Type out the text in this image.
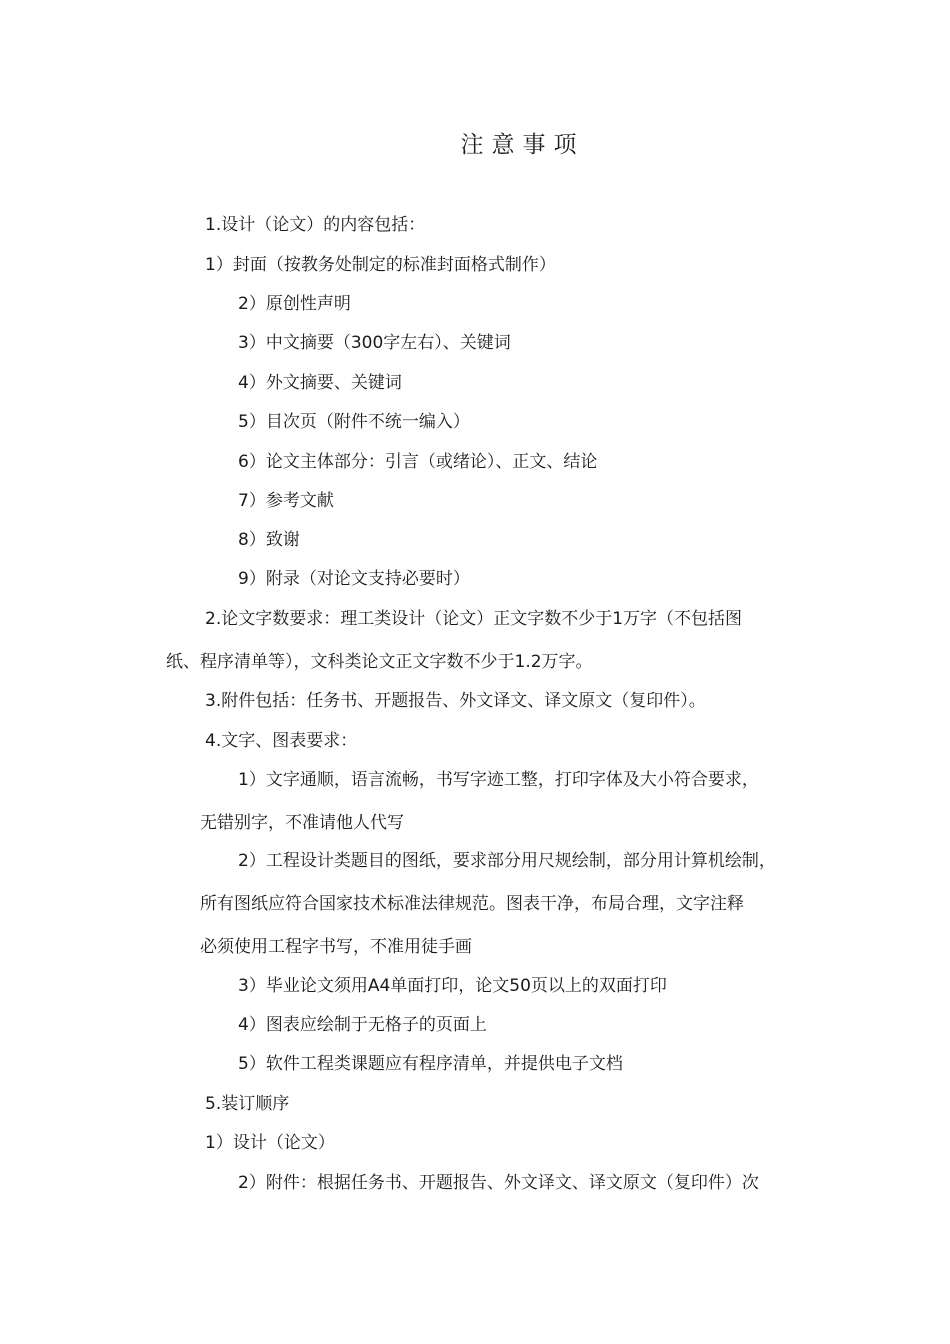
注意事项
1.设计（论文）的内容包括：
1）封面（按教务处制定的标准封面格式制作）
2）原创性声明
3）中文摘要（300字左右）、关键词
4）外文摘要、关键词
5）目次页（附件不统一编入）
6）论文主体部分：引言（或绪论）、正文、结论
7）参考文献
8）致谢
9）附录（对论文支持必要时）
2.论文字数要求：理工类设计（论文）正文字数不少于1万字（不包括图
纸、程序清单等），文科类论文正文字数不少于1.2万字。
3.附件包括：任务书、开题报告、外文译文、译文原文（复印件）。
4.文字、图表要求：
1）文字通顺，语言流畅，书写字迹工整，打印字体及大小符合要求，
无错别字，不准请他人代写
2）工程设计类题目的图纸，要求部分用尺规绘制，部分用计算机绘制，
所有图纸应符合国家技术标准法律规范。图表干净，布局合理，文字注释
必须使用工程字书写，不准用徒手画
3）毕业论文须用A4单面打印，论文50页以上的双面打印
4）图表应绘制于无格子的页面上
5）软件工程类课题应有程序清单，并提供电子文档
5.装订顺序
1）设计（论文）
2）附件：根据任务书、开题报告、外文译文、译文原文（复印件）次
